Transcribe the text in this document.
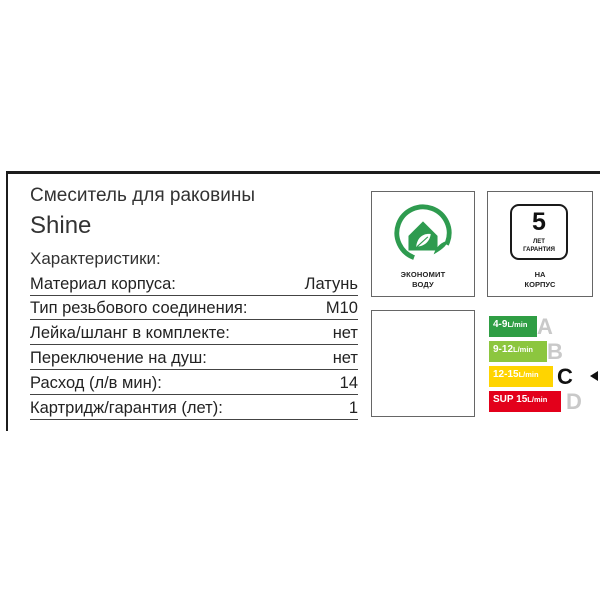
Смеситель для раковины
Shine
Характеристики:
Материал корпуса:	Латунь
Тип резьбового соединения:	М10
Лейка/шланг в комплекте:	нет
Переключение на душ:	нет
Расход (л/в мин):	14
Картридж/гарантия (лет):	1
ЭКОНОМИТ
ВОДУ
5
ЛЕТ
ГАРАНТИЯ
НА
КОРПУС
4-9L/min A
9-12L/min B
12-15L/min C
SUP 15L/min D
